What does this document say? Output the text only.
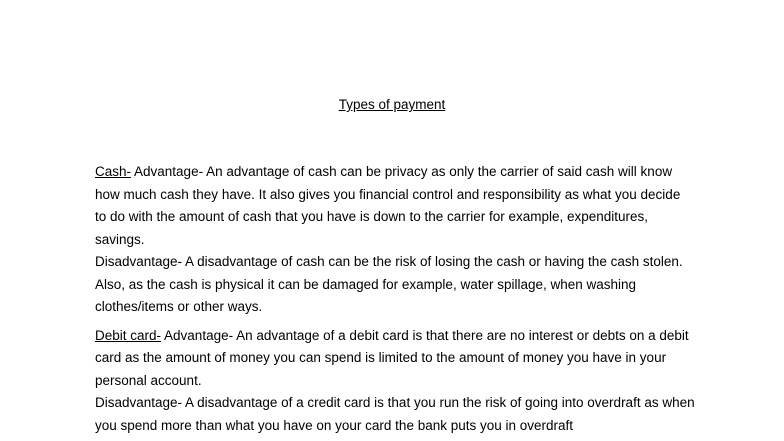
Types of payment

Cash- Advantage- An advantage of cash can be privacy as only the carrier of said cash will know how much cash they have. It also gives you financial control and responsibility as what you decide to do with the amount of cash that you have is down to the carrier for example, expenditures, savings.

Disadvantage- A disadvantage of cash can be the risk of losing the cash or having the cash stolen. Also, as the cash is physical it can be damaged for example, water spillage, when washing clothes/items or other ways.

Debit card- Advantage- An advantage of a debit card is that there are no interest or debts on a debit card as the amount of money you can spend is limited to the amount of money you have in your personal account.

Disadvantage- A disadvantage of a credit card is that you run the risk of going into overdraft as when you spend more than what you have on your card the bank puts you in overdraft
